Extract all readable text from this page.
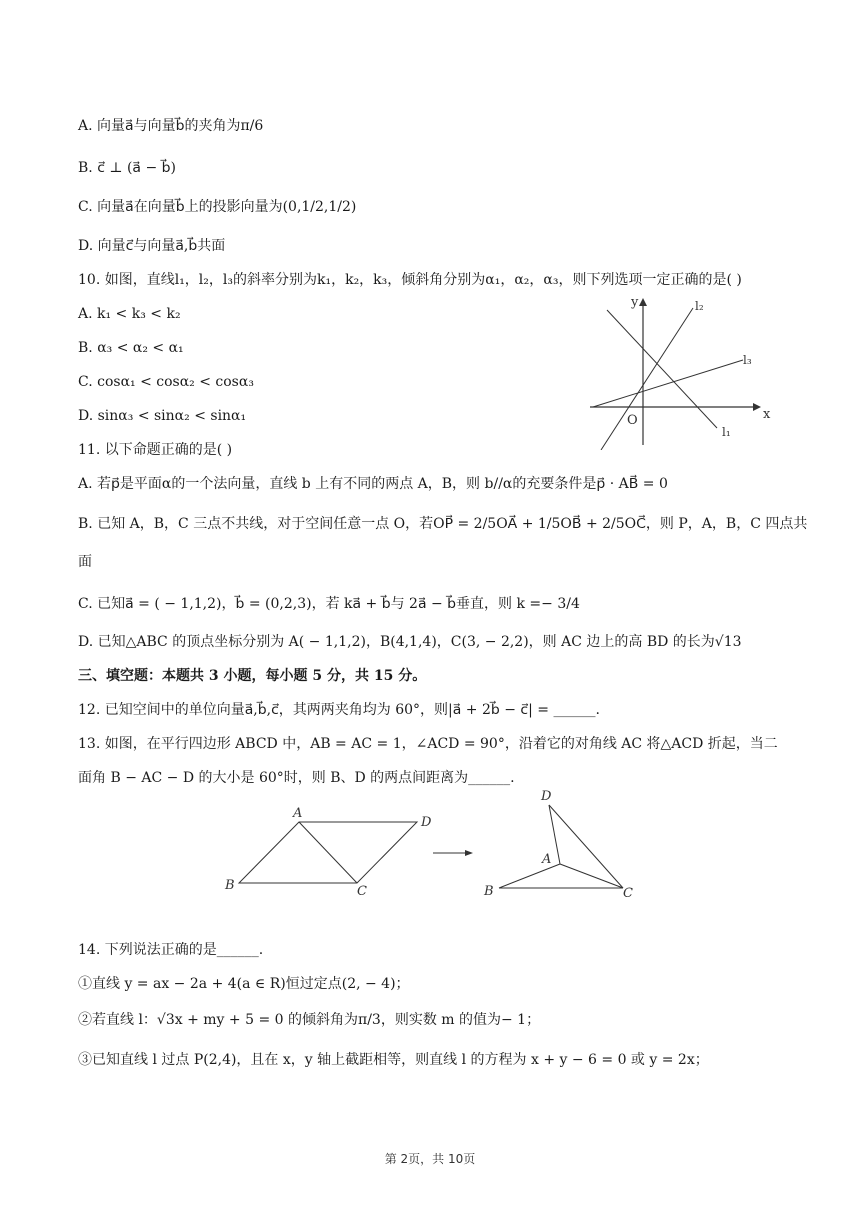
A. 向量a⃗与向量b⃗的夹角为π/6
B. c⃗ ⊥ (a⃗ − b⃗)
C. 向量a⃗在向量b⃗上的投影向量为(0,1/2,1/2)
D. 向量c⃗与向量a⃗,b⃗共面
10. 如图，直线l₁，l₂，l₃的斜率分别为k₁，k₂，k₃，倾斜角分别为α₁，α₂，α₃，则下列选项一定正确的是( )
A. k₁ < k₃ < k₂
B. α₃ < α₂ < α₁
C. cosα₁ < cosα₂ < cosα₃
D. sinα₃ < sinα₂ < sinα₁
y
x
O
l₁
l₂
l₃
11. 以下命题正确的是( )
A. 若p⃗是平面α的一个法向量，直线 b 上有不同的两点 A，B，则 b//α的充要条件是p⃗ · AB⃗ = 0
B. 已知 A，B，C 三点不共线，对于空间任意一点 O，若OP⃗ = 2/5OA⃗ + 1/5OB⃗ + 2/5OC⃗，则 P，A，B，C 四点共
面
C. 已知a⃗ = ( − 1,1,2)，b⃗ = (0,2,3)，若 ka⃗ + b⃗与 2a⃗ − b⃗垂直，则 k =− 3/4
D. 已知△ABC 的顶点坐标分别为 A( − 1,1,2)，B(4,1,4)，C(3, − 2,2)，则 AC 边上的高 BD 的长为√13
三、填空题：本题共 3 小题，每小题 5 分，共 15 分。
12. 已知空间中的单位向量a⃗,b⃗,c⃗，其两两夹角均为 60°，则|a⃗ + 2b⃗ − c⃗| = ______.
13. 如图，在平行四边形 ABCD 中，AB = AC = 1，∠ACD = 90°，沿着它的对角线 AC 将△ACD 折起，当二
面角 B − AC − D 的大小是 60°时，则 B、D 的两点间距离为______.
A
D
B	C
D
A
B	C
14. 下列说法正确的是______.
①直线 y = ax − 2a + 4(a ∈ R)恒过定点(2, − 4)；
②若直线 l：√3x + my + 5 = 0 的倾斜角为π/3，则实数 m 的值为− 1；
③已知直线 l 过点 P(2,4)，且在 x，y 轴上截距相等，则直线 l 的方程为 x + y − 6 = 0 或 y = 2x；
第 2页，共 10页
